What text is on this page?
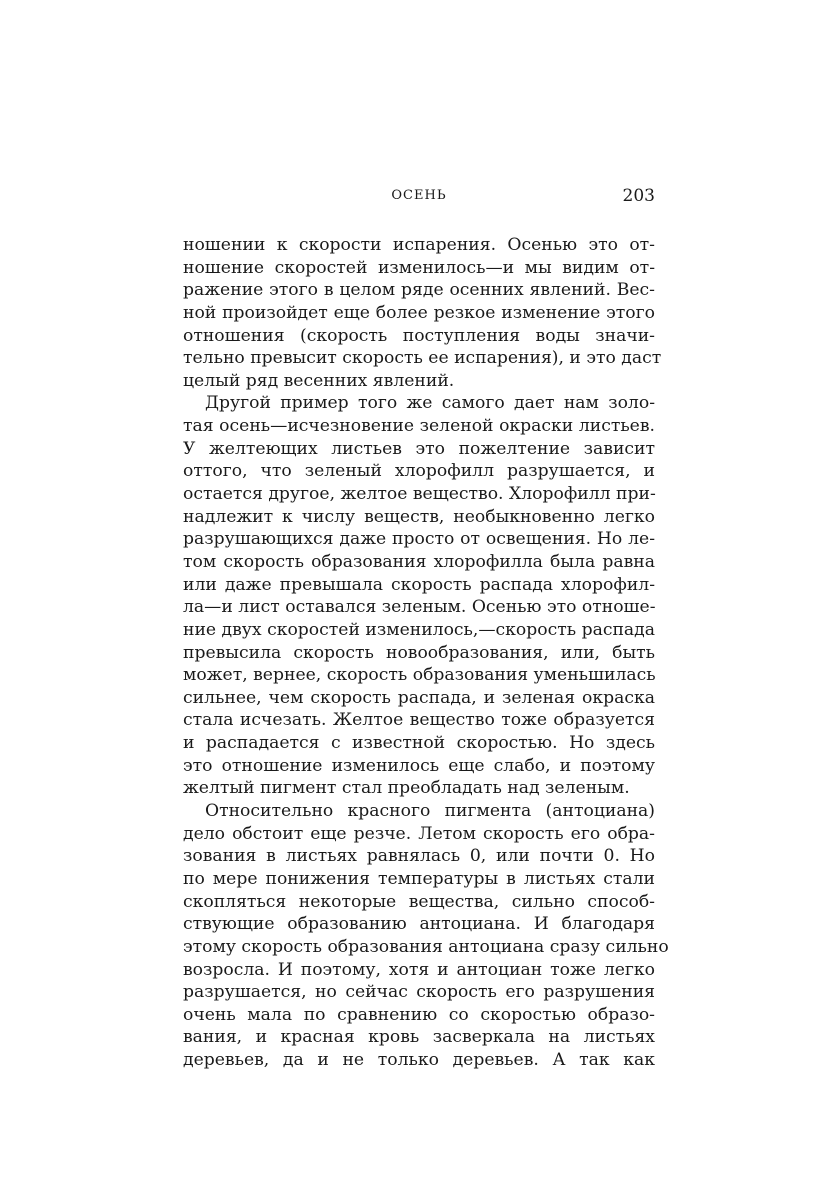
ОСЕНЬ	203
ношении к скорости испарения. Осенью это от-
ношение скоростей изменилось—и мы видим от-
ражение этого в целом ряде осенних явлений. Вес-
ной произойдет еще более резкое изменение этого
отношения (скорость поступления воды значи-
тельно превысит скорость ее испарения), и это даст
целый ряд весенних явлений.
Другой пример того же самого дает нам золо-
тая осень—исчезновение зеленой окраски листьев.
У желтеющих листьев это пожелтение зависит
оттого, что зеленый хлорофилл разрушается, и
остается другое, желтое вещество. Хлорофилл при-
надлежит к числу веществ, необыкновенно легко
разрушающихся даже просто от освещения. Но ле-
том скорость образования хлорофилла была равна
или даже превышала скорость распада хлорофил-
ла—и лист оставался зеленым. Осенью это отноше-
ние двух скоростей изменилось,—скорость распада
превысила скорость новообразования, или, быть
может, вернее, скорость образования уменьшилась
сильнее, чем скорость распада, и зеленая окраска
стала исчезать. Желтое вещество тоже образуется
и распадается с известной скоростью. Но здесь
это отношение изменилось еще слабо, и поэтому
желтый пигмент стал преобладать над зеленым.
Относительно красного пигмента (антоциана)
дело обстоит еще резче. Летом скорость его обра-
зования в листьях равнялась 0, или почти 0. Но
по мере понижения температуры в листьях стали
скопляться некоторые вещества, сильно способ-
ствующие образованию антоциана. И благодаря
этому скорость образования антоциана сразу сильно
возросла. И поэтому, хотя и антоциан тоже легко
разрушается, но сейчас скорость его разрушения
очень мала по сравнению со скоростью образо-
вания, и красная кровь засверкала на листьях
деревьев, да и не только деревьев. А так как
